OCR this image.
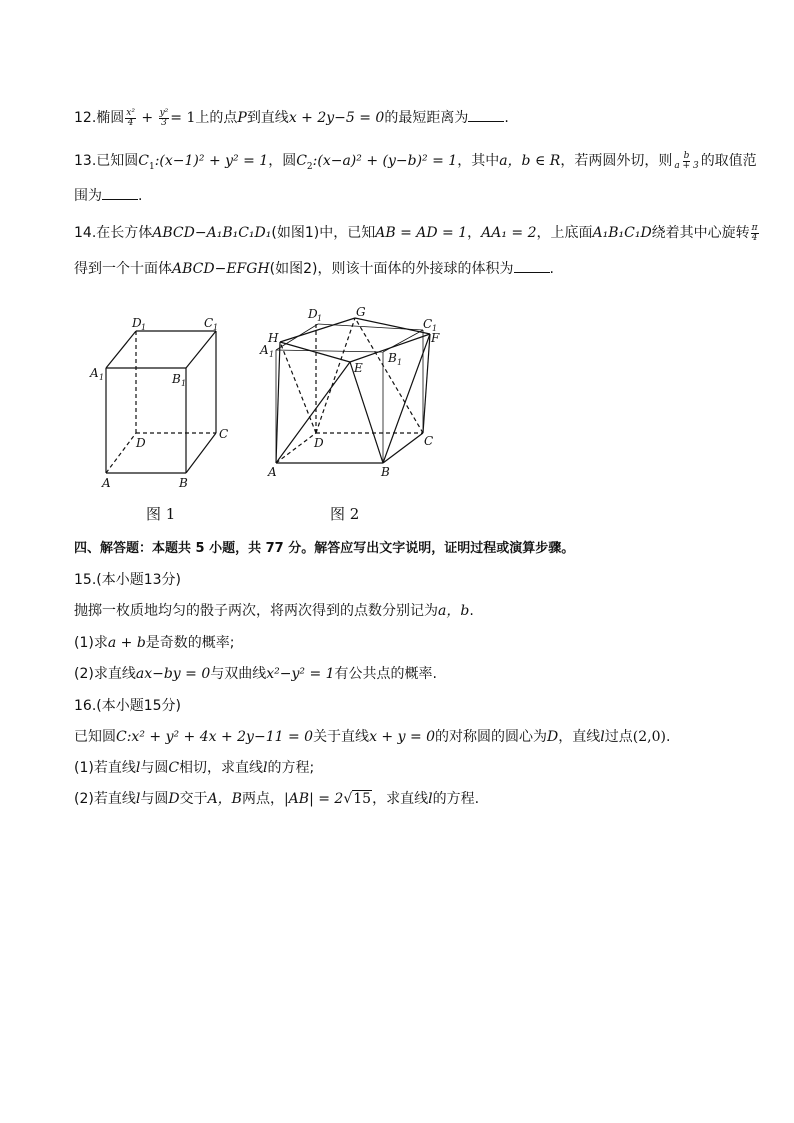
12.椭圆 $\frac{\text{x²}}{4} + \frac{\text{y²}}{3} = 1$上的点P到直线x + 2y−5 = 0的最短距离为	.
13.已知圆$C_1:(x-1)^2 + y^2 = 1$，圆$C_2:(x-a)^2 + (y-b)^2 = 1$，其中a，b ∈ R，若两圆外切，则 $\frac{b}{a + 3}$ 的取值范
围为	.
14.在长方体ABCD−A₁B₁C₁D₁(如图1)中，已知AB = AD = 1，AA₁ = 2，上底面A₁B₁C₁D绕着其中心旋转 $\frac{\pi}{4}$
得到一个十面体ABCD−EFGH(如图2)，则该十面体的外接球的体积为	.
D 1	C 1
A 1	B 1
D
C
A	B
图 1
D 1	G
C 1
F
H
A 1	B 1
E
D	C
A	B
图 2
四、解答题：本题共 5 小题，共 77 分。解答应写出文字说明，证明过程或演算步骤。
15.(本小题13分)
抛掷一枚质地均匀的骰子两次，将两次得到的点数分别记为a，b.
(1)求a + b是奇数的概率;
(2)求直线ax−by = 0与双曲线x²−y² = 1有公共点的概率.
16.(本小题15分)
已知圆C:x² + y² + 4x + 2y−11 = 0关于直线x + y = 0的对称圆的圆心为D，直线l过点(2,0).
(1)若直线l与圆C相切，求直线l的方程;
(2)若直线l与圆D交于A，B两点，|AB| = 2√15，求直线l的方程.
